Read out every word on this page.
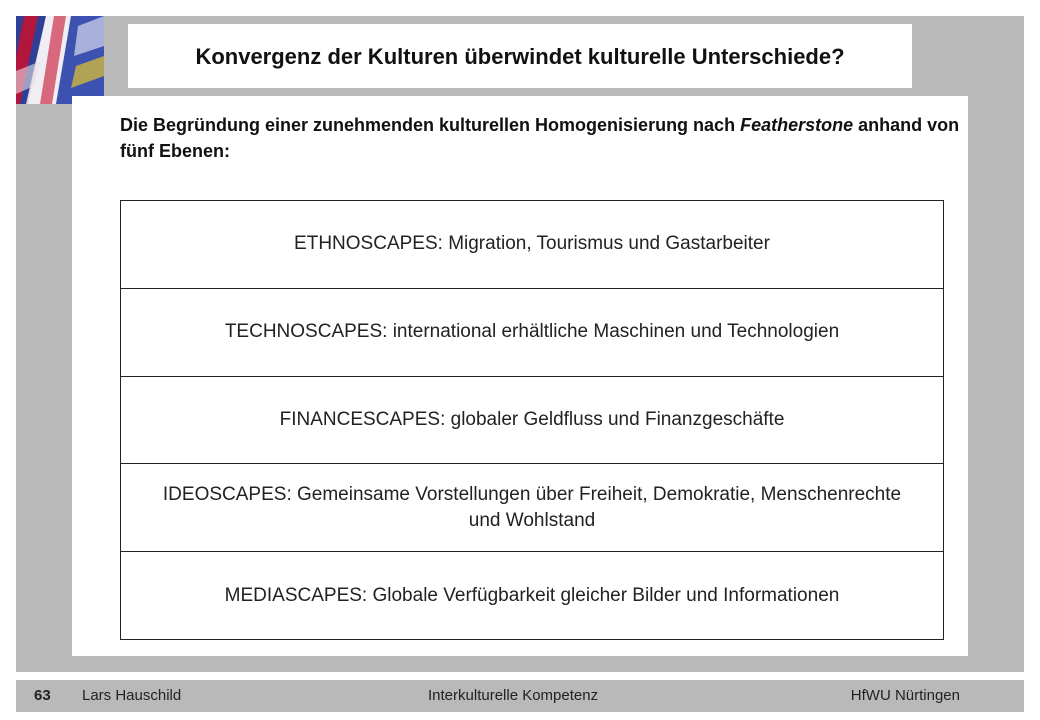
Konvergenz der Kulturen überwindet kulturelle Unterschiede?
Die Begründung einer zunehmenden kulturellen Homogenisierung nach Featherstone anhand von fünf Ebenen:
ETHNOSCAPES: Migration, Tourismus und Gastarbeiter
TECHNOSCAPES: international erhältliche Maschinen und Technologien
FINANCESCAPES: globaler Geldfluss und Finanzgeschäfte
IDEOSCAPES: Gemeinsame Vorstellungen über Freiheit, Demokratie, Menschenrechte und Wohlstand
MEDIASCAPES: Globale Verfügbarkeit gleicher Bilder und Informationen
63 Lars Hauschild	Interkulturelle Kompetenz	HfWU Nürtingen
